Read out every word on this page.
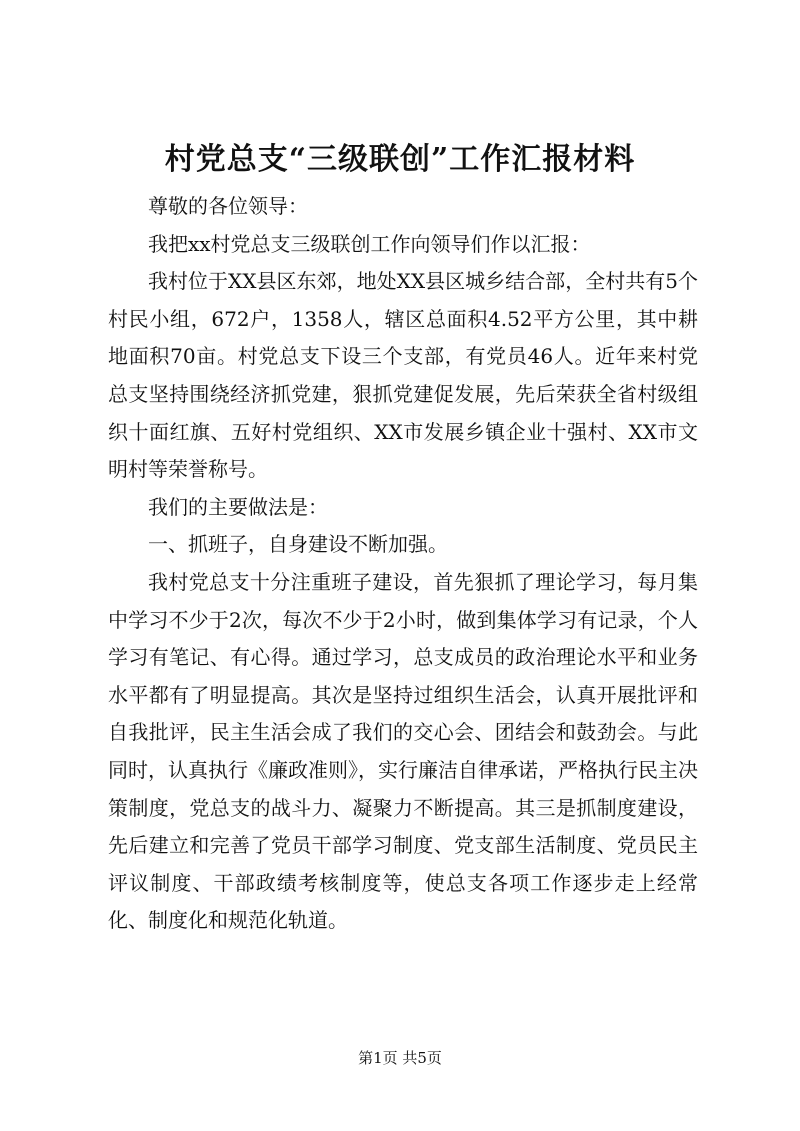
村党总支“三级联创”工作汇报材料

尊敬的各位领导：

我把xx村党总支三级联创工作向领导们作以汇报：

我村位于XX县区东郊，地处XX县区城乡结合部，全村共有5个村民小组，672户，1358人，辖区总面积4.52平方公里，其中耕地面积70亩。村党总支下设三个支部，有党员46人。近年来村党总支坚持围绕经济抓党建，狠抓党建促发展，先后荣获全省村级组织十面红旗、五好村党组织、XX市发展乡镇企业十强村、XX市文明村等荣誉称号。

我们的主要做法是：

一、抓班子，自身建设不断加强。

我村党总支十分注重班子建设，首先狠抓了理论学习，每月集中学习不少于2次，每次不少于2小时，做到集体学习有记录，个人学习有笔记、有心得。通过学习，总支成员的政治理论水平和业务水平都有了明显提高。其次是坚持过组织生活会，认真开展批评和自我批评，民主生活会成了我们的交心会、团结会和鼓劲会。与此同时，认真执行《廉政准则》，实行廉洁自律承诺，严格执行民主决策制度，党总支的战斗力、凝聚力不断提高。其三是抓制度建设，先后建立和完善了党员干部学习制度、党支部生活制度、党员民主评议制度、干部政绩考核制度等，使总支各项工作逐步走上经常化、制度化和规范化轨道。

第1页 共5页
